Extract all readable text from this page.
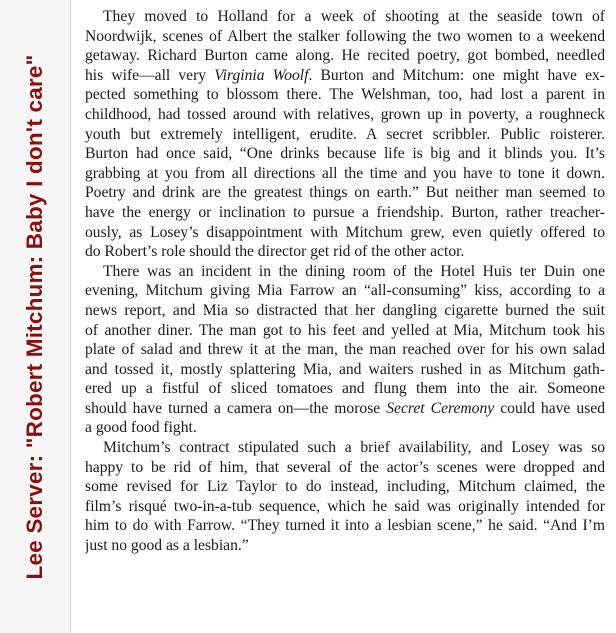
Lee Server: "Robert Mitchum: Baby I don't care"
They moved to Holland for a week of shooting at the seaside town of
Noordwijk, scenes of Albert the stalker following the two women to a weekend
getaway. Richard Burton came along. He recited poetry, got bombed, needled
his wife—all very Virginia Woolf. Burton and Mitchum: one might have ex-
pected something to blossom there. The Welshman, too, had lost a parent in
childhood, had tossed around with relatives, grown up in poverty, a roughneck
youth but extremely intelligent, erudite. A secret scribbler. Public roisterer.
Burton had once said, “One drinks because life is big and it blinds you. It’s
grabbing at you from all directions all the time and you have to tone it down.
Poetry and drink are the greatest things on earth.” But neither man seemed to
have the energy or inclination to pursue a friendship. Burton, rather treacher-
ously, as Losey’s disappointment with Mitchum grew, even quietly offered to
do Robert’s role should the director get rid of the other actor.
There was an incident in the dining room of the Hotel Huis ter Duin one
evening, Mitchum giving Mia Farrow an “all-consuming” kiss, according to a
news report, and Mia so distracted that her dangling cigarette burned the suit
of another diner. The man got to his feet and yelled at Mia, Mitchum took his
plate of salad and threw it at the man, the man reached over for his own salad
and tossed it, mostly splattering Mia, and waiters rushed in as Mitchum gath-
ered up a fistful of sliced tomatoes and flung them into the air. Someone
should have turned a camera on—the morose Secret Ceremony could have used
a good food fight.
Mitchum’s contract stipulated such a brief availability, and Losey was so
happy to be rid of him, that several of the actor’s scenes were dropped and
some revised for Liz Taylor to do instead, including, Mitchum claimed, the
film’s risqué two-in-a-tub sequence, which he said was originally intended for
him to do with Farrow. “They turned it into a lesbian scene,” he said. “And I’m
just no good as a lesbian.”
